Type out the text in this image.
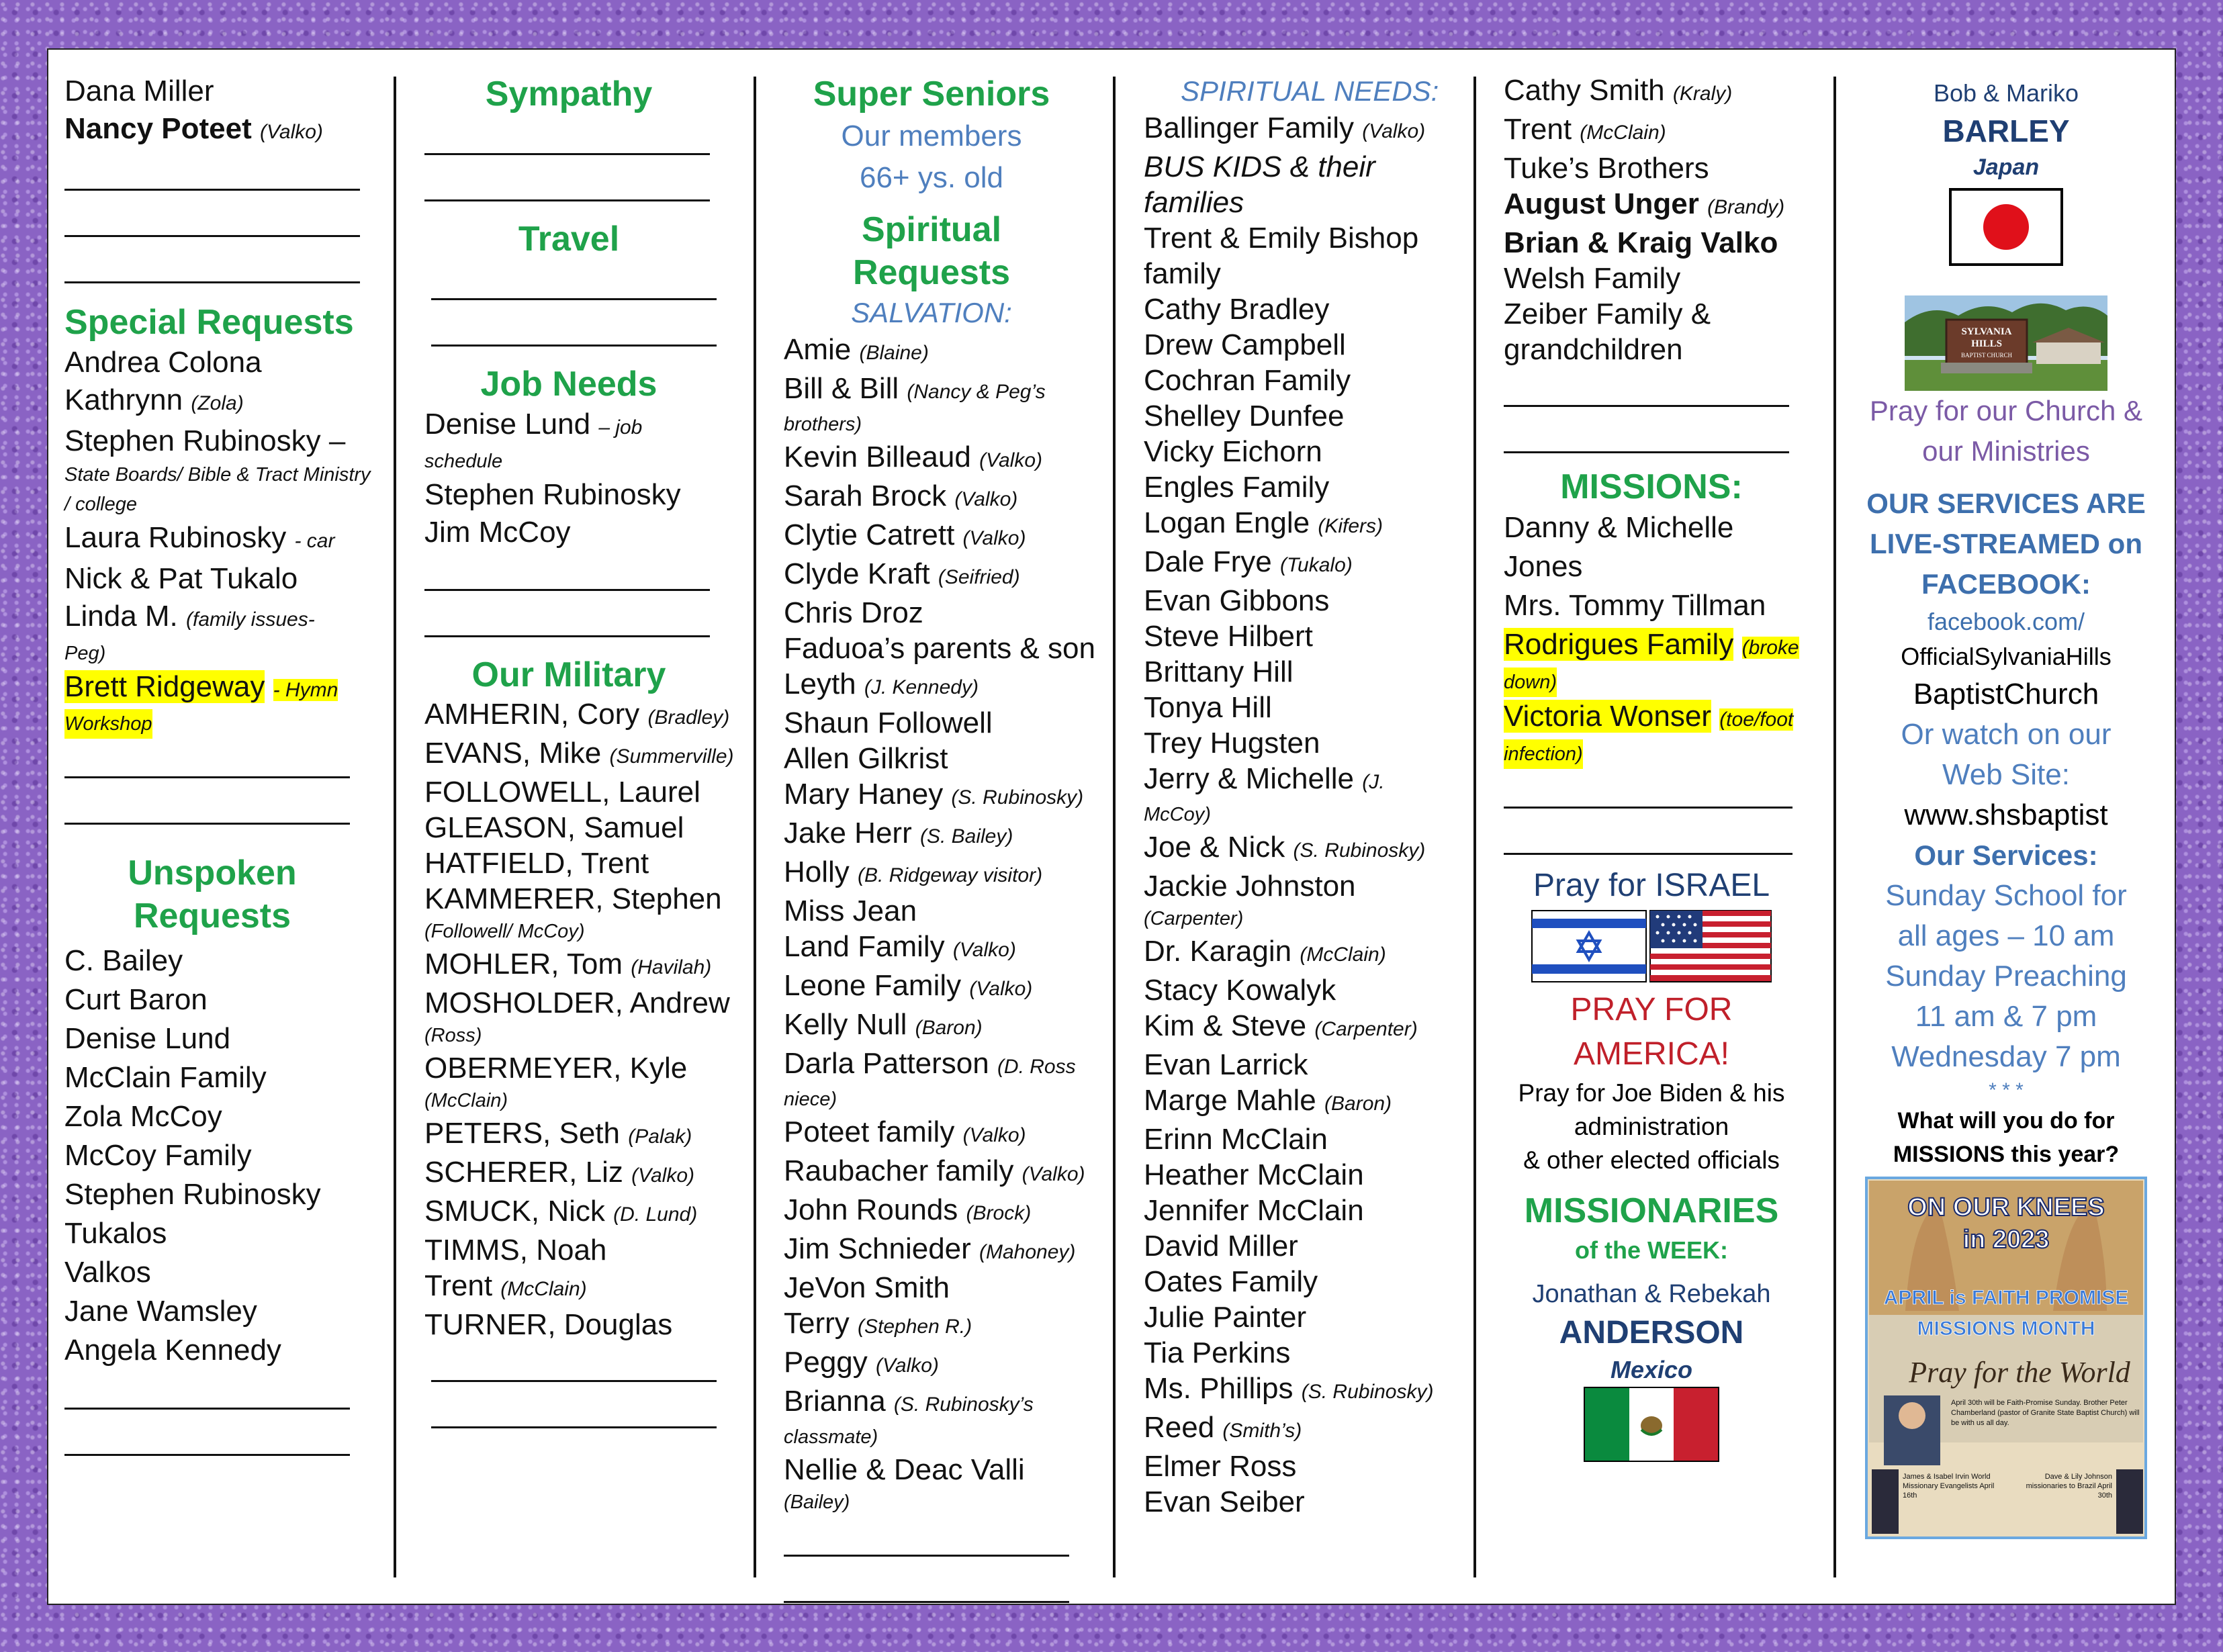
Dana Miller
Nancy Poteet (Valko)
Special Requests
Andrea Colona
Kathrynn (Zola)
Stephen Rubinosky –
State Boards/ Bible & Tract Ministry / college
Laura Rubinosky - car
Nick & Pat Tukalo
Linda M. (family issues-
Peg)
Brett Ridgeway - Hymn
Workshop
Unspoken
Requests
C. Bailey
Curt Baron
Denise Lund
McClain Family
Zola McCoy
McCoy Family
Stephen Rubinosky
Tukalos
Valkos
Jane Wamsley
Angela Kennedy
Sympathy
Travel
Job Needs
Denise Lund – job
schedule
Stephen Rubinosky
Jim McCoy
Our Military
AMHERIN, Cory (Bradley)
EVANS, Mike (Summerville)
FOLLOWELL, Laurel
GLEASON, Samuel
HATFIELD, Trent
KAMMERER, Stephen
(Followell/ McCoy)
MOHLER, Tom (Havilah)
MOSHOLDER, Andrew
(Ross)
OBERMEYER, Kyle
(McClain)
PETERS, Seth (Palak)
SCHERER, Liz (Valko)
SMUCK, Nick (D. Lund)
TIMMS, Noah
Trent (McClain)
TURNER, Douglas
Super Seniors
Our members
66+ ys. old
Spiritual Requests
SALVATION:
Amie (Blaine)
Bill & Bill (Nancy & Peg’s
brothers)
Kevin Billeaud (Valko)
Sarah Brock (Valko)
Clytie Catrett (Valko)
Clyde Kraft (Seifried)
Chris Droz
Faduoa’s parents & son
Leyth (J. Kennedy)
Shaun Followell
Allen Gilkrist
Mary Haney (S. Rubinosky)
Jake Herr (S. Bailey)
Holly (B. Ridgeway visitor)
Miss Jean
Land Family (Valko)
Leone Family (Valko)
Kelly Null (Baron)
Darla Patterson (D. Ross
niece)
Poteet family (Valko)
Raubacher family (Valko)
John Rounds (Brock)
Jim Schnieder (Mahoney)
JeVon Smith
Terry (Stephen R.)
Peggy (Valko)
Brianna (S. Rubinosky’s
classmate)
Nellie & Deac Valli
(Bailey)
SPIRITUAL NEEDS:
Ballinger Family (Valko)
BUS KIDS & their
families
Trent & Emily Bishop
family
Cathy Bradley
Drew Campbell
Cochran Family
Shelley Dunfee
Vicky Eichorn
Engles Family
Logan Engle (Kifers)
Dale Frye (Tukalo)
Evan Gibbons
Steve Hilbert
Brittany Hill
Tonya Hill
Trey Hugsten
Jerry & Michelle (J.
McCoy)
Joe & Nick (S. Rubinosky)
Jackie Johnston
(Carpenter)
Dr. Karagin (McClain)
Stacy Kowalyk
Kim & Steve (Carpenter)
Evan Larrick
Marge Mahle (Baron)
Erinn McClain
Heather McClain
Jennifer McClain
David Miller
Oates Family
Julie Painter
Tia Perkins
Ms. Phillips (S. Rubinosky)
Reed (Smith’s)
Elmer Ross
Evan Seiber
Cathy Smith (Kraly)
Trent (McClain)
Tuke’s Brothers
August Unger (Brandy)
Brian & Kraig Valko
Welsh Family
Zeiber Family &
grandchildren
MISSIONS:
Danny & Michelle
Jones
Mrs. Tommy Tillman
Rodrigues Family (broke
down)
Victoria Wonser (toe/foot
infection)
Pray for ISRAEL

PRAY FOR
AMERICA!
Pray for Joe Biden & his
administration
& other elected officials
MISSIONARIES
of the WEEK:
Jonathan & Rebekah
ANDERSON
Mexico
Bob & Mariko
BARLEY
Japan
SYLVANIA
HILLS
BAPTIST CHURCH
Pray for our Church &
our Ministries
OUR SERVICES ARE
LIVE-STREAMED on
FACEBOOK:
facebook.com/
OfficialSylvaniaHills
BaptistChurch
Or watch on our
Web Site:
www.shsbaptist
Our Services:
Sunday School for
all ages – 10 am
Sunday Preaching
11 am & 7 pm
Wednesday 7 pm
* * *
What will you do for
MISSIONS this year?
ON OUR KNEES
in 2023
APRIL is FAITH PROMISE
MISSIONS MONTH
Pray for the World
April 30th will be Faith-Promise Sunday. Brother Peter Chamberland (pastor of Granite State Baptist Church) will be with us all day.
James & Isabel Irvin World Missionary Evangelists April 16th
Dave & Lily Johnson missionaries to Brazil April 30th
